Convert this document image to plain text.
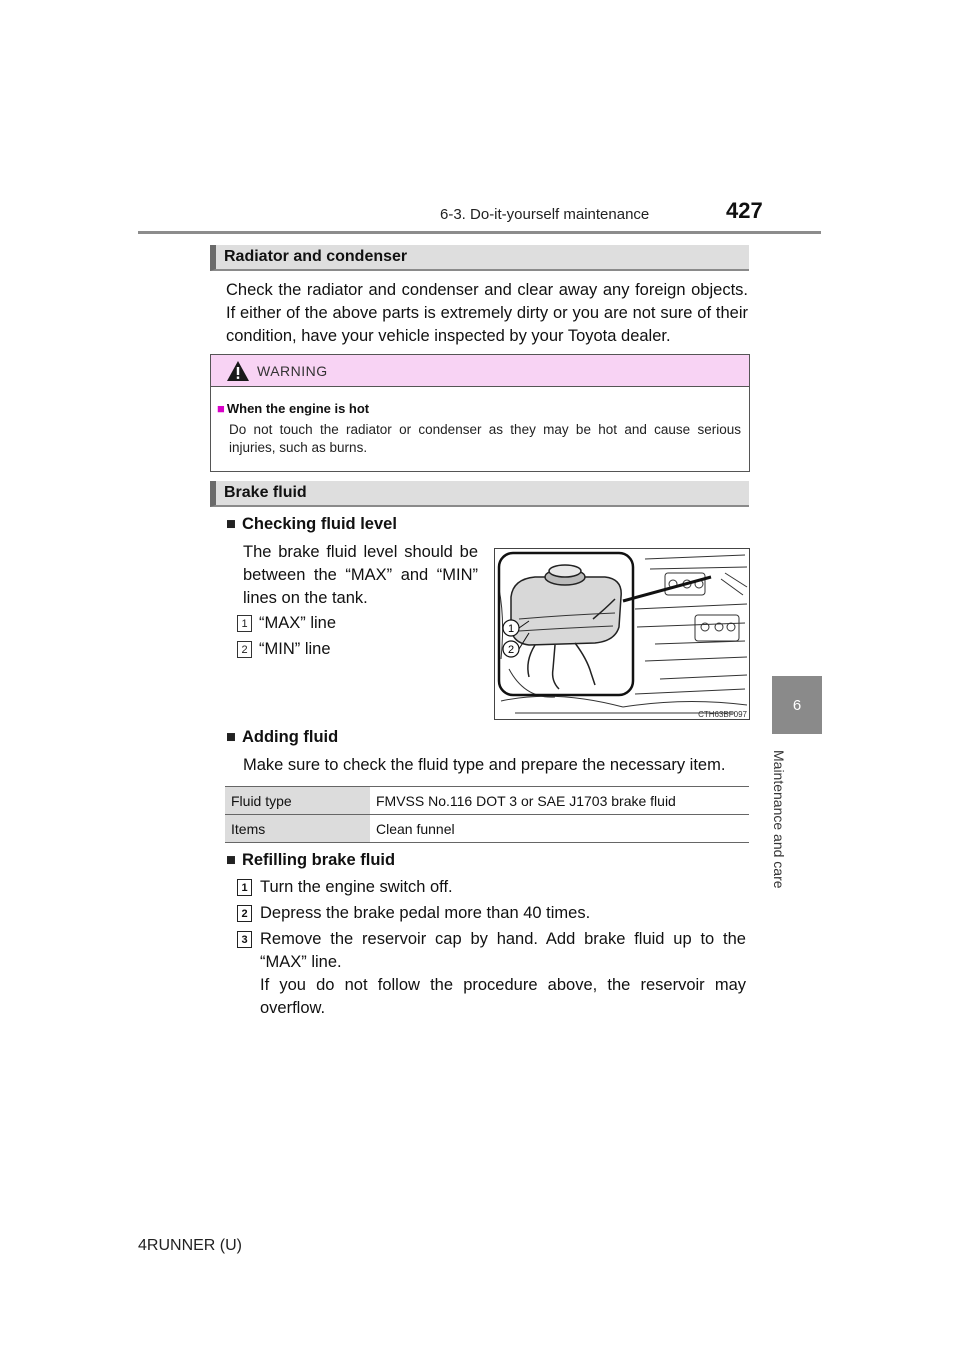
6-3. Do-it-yourself maintenance	427
6
Maintenance and care
Radiator and condenser
Check the radiator and condenser and clear away any foreign objects. If either of the above parts is extremely dirty or you are not sure of their condition, have your vehicle inspected by your Toyota dealer.
WARNING
■ When the engine is hot
Do not touch the radiator or condenser as they may be hot and cause serious injuries, such as burns.
Brake fluid
■ Checking fluid level
The brake fluid level should be between the “MAX” and “MIN” lines on the tank.
1 “MAX” line
2 “MIN” line
1
2
CTH63BF097
■ Adding fluid
Make sure to check the fluid type and prepare the necessary item.
Fluid type	FMVSS No.116 DOT 3 or SAE J1703 brake fluid
Items	Clean funnel
■ Refilling brake fluid
1 Turn the engine switch off.
2 Depress the brake pedal more than 40 times.
3 Remove the reservoir cap by hand. Add brake fluid up to the “MAX” line.
If you do not follow the procedure above, the reservoir may overflow.
4RUNNER (U)
